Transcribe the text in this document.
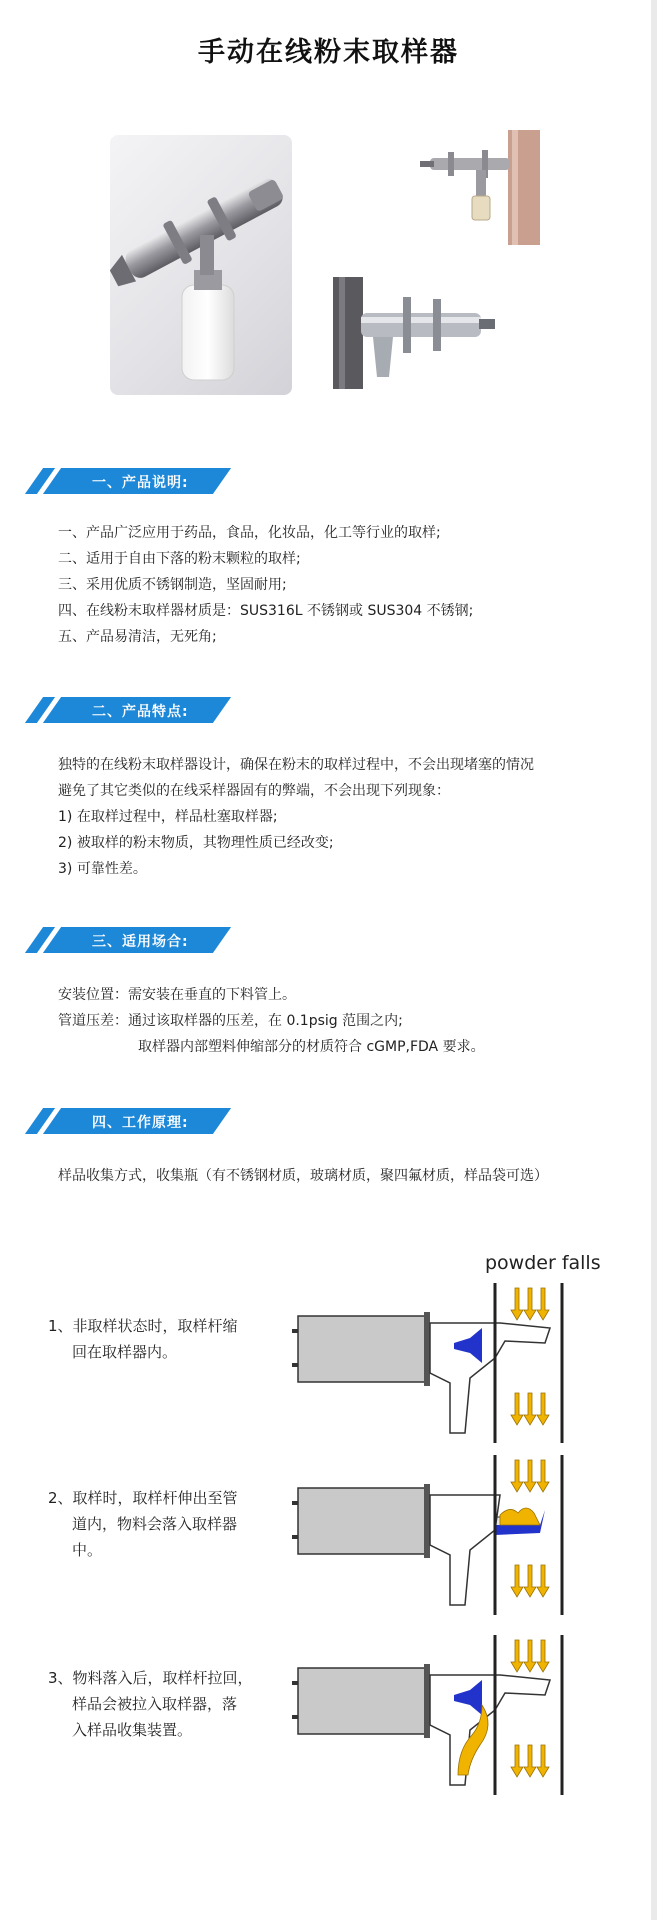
手动在线粉末取样器
一、产品说明:
一、产品广泛应用于药品，食品，化妆品，化工等行业的取样;
二、适用于自由下落的粉末颗粒的取样;
三、采用优质不锈钢制造，坚固耐用;
四、在线粉末取样器材质是：SUS316L 不锈钢或 SUS304 不锈钢;
五、产品易清洁，无死角;
二、产品特点:
独特的在线粉末取样器设计，确保在粉末的取样过程中，不会出现堵塞的情况
避免了其它类似的在线采样器固有的弊端，不会出现下列现象：
1) 在取样过程中，样品杜塞取样器;
2) 被取样的粉末物质，其物理性质已经改变;
3) 可靠性差。
三、适用场合:
安装位置：需安装在垂直的下料管上。
管道压差：通过该取样器的压差，在 0.1psig 范围之内;
取样器内部塑料伸缩部分的材质符合 cGMP,FDA 要求。
四、工作原理:
样品收集方式，收集瓶（有不锈钢材质，玻璃材质，聚四氟材质，样品袋可选）
powder falls
1、非取样状态时，取样杆缩
回在取样器内。
2、取样时，取样杆伸出至管
道内，物料会落入取样器
中。
3、物料落入后，取样杆拉回，
样品会被拉入取样器，落
入样品收集装置。
